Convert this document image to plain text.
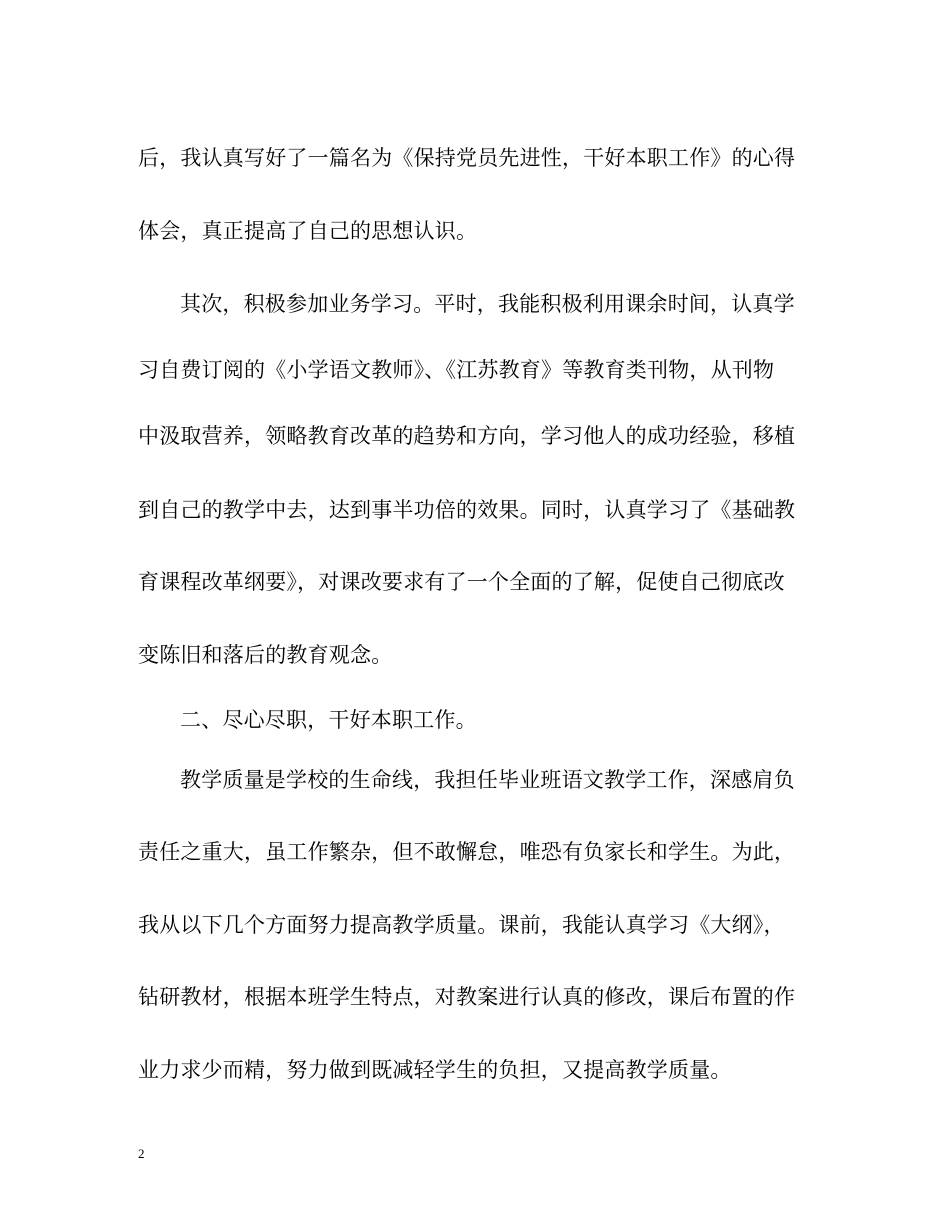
后，我认真写好了一篇名为《保持党员先进性，干好本职工作》的心得
体会，真正提高了自己的思想认识。
其次，积极参加业务学习。平时，我能积极利用课余时间，认真学
习自费订阅的《小学语文教师》、《江苏教育》等教育类刊物，从刊物
中汲取营养，领略教育改革的趋势和方向，学习他人的成功经验，移植
到自己的教学中去，达到事半功倍的效果。同时，认真学习了《基础教
育课程改革纲要》，对课改要求有了一个全面的了解，促使自己彻底改
变陈旧和落后的教育观念。
二、尽心尽职，干好本职工作。
教学质量是学校的生命线，我担任毕业班语文教学工作，深感肩负
责任之重大，虽工作繁杂，但不敢懈怠，唯恐有负家长和学生。为此，
我从以下几个方面努力提高教学质量。课前，我能认真学习《大纲》，
钻研教材，根据本班学生特点，对教案进行认真的修改，课后布置的作
业力求少而精，努力做到既减轻学生的负担，又提高教学质量。
2
